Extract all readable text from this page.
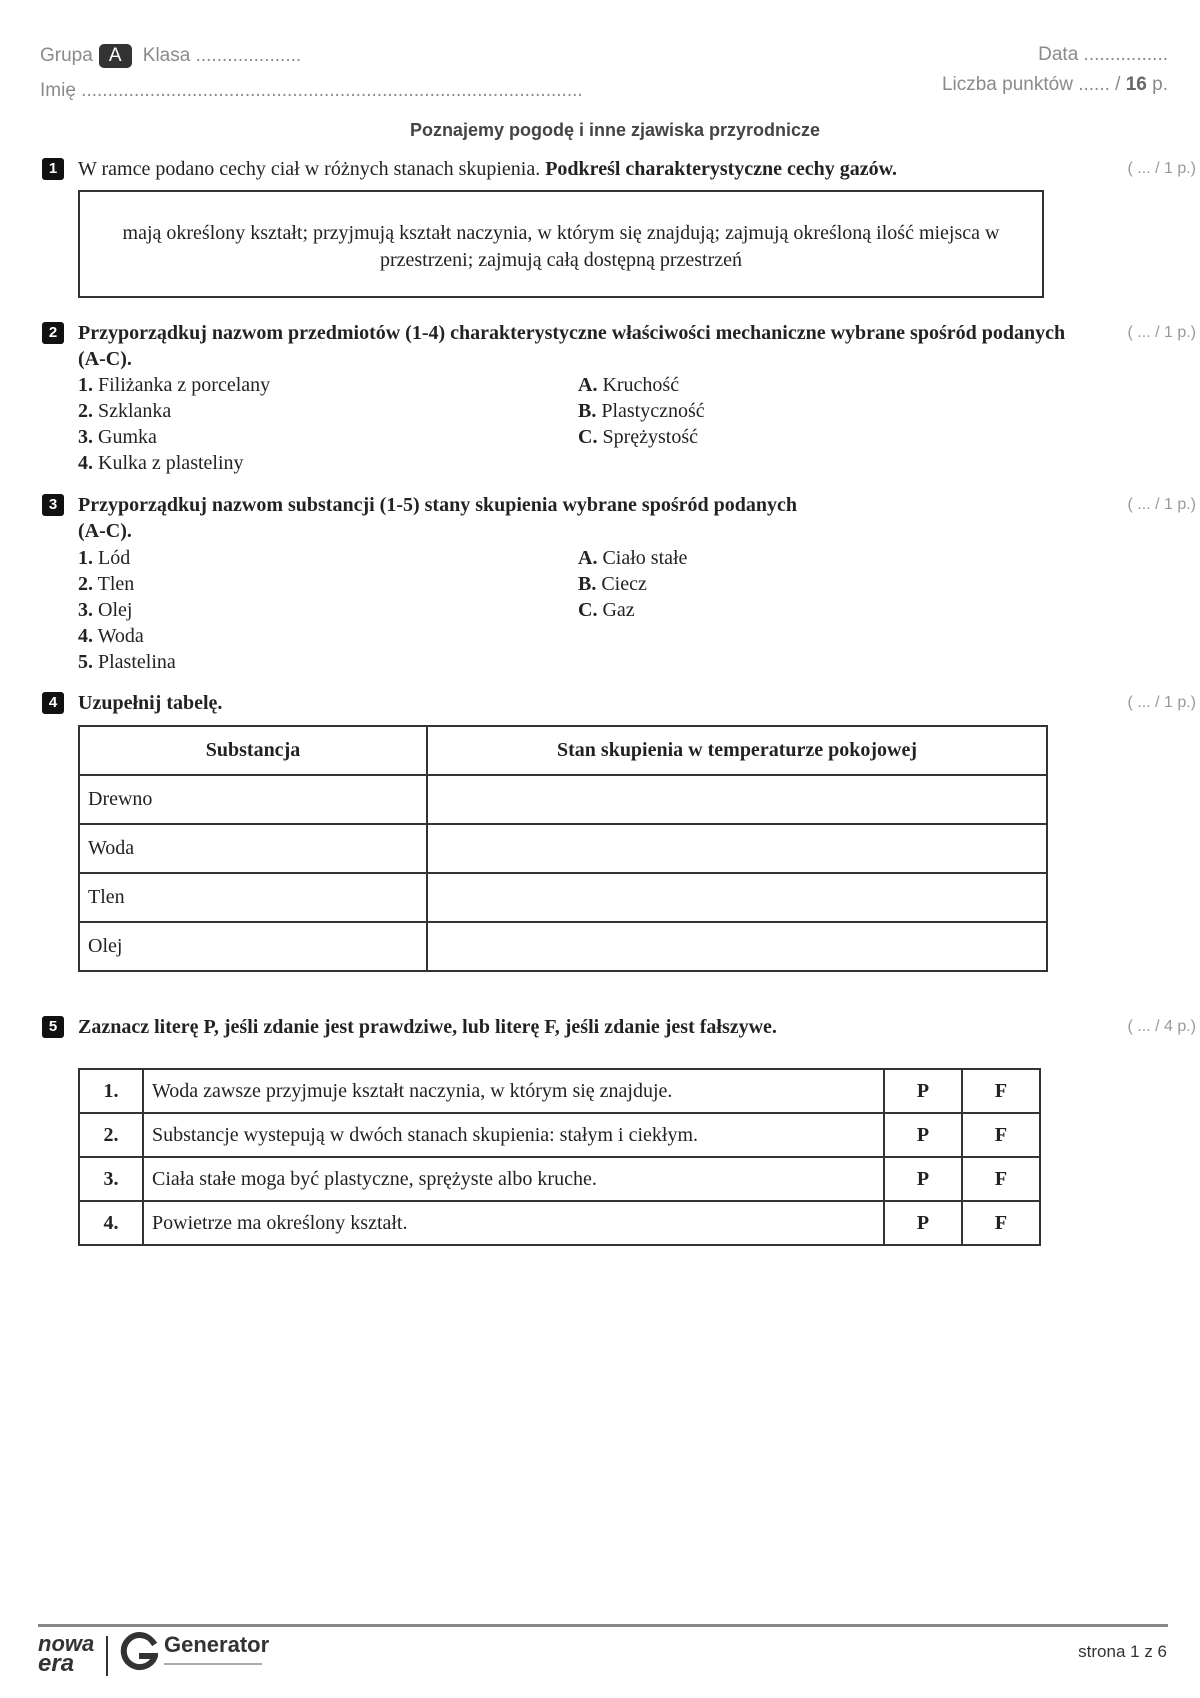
Grupa A Klasa ....................
Imię ...............................................................................................
Data ................
Liczba punktów ...... / 16 p.
Poznajemy pogodę i inne zjawiska przyrodnicze
1	W ramce podano cechy ciał w różnych stanach skupienia. Podkreśl charakterystyczne cechy gazów.	( ... / 1 p.)
mają określony kształt; przyjmują kształt naczynia, w którym się znajdują; zajmują określoną ilość miejsca w przestrzeni; zajmują całą dostępną przestrzeń
2	Przyporządkuj nazwom przedmiotów (1-4) charakterystyczne właściwości mechaniczne wybrane spośród podanych (A-C).
( ... / 1 p.)
1. Filiżanka z porcelany
2. Szklanka
3. Gumka
4. Kulka z plasteliny
A. Kruchość
B. Plastyczność
C. Sprężystość
3	Przyporządkuj nazwom substancji (1-5) stany skupienia wybrane spośród podanych (A-C).
( ... / 1 p.)
1. Lód
2. Tlen
3. Olej
4. Woda
5. Plastelina
A. Ciało stałe
B. Ciecz
C. Gaz
4	Uzupełnij tabelę.	( ... / 1 p.)
Substancja	Stan skupienia w temperaturze pokojowej
Drewno	
Woda	
Tlen	
Olej	
5	Zaznacz literę P, jeśli zdanie jest prawdziwe, lub literę F, jeśli zdanie jest fałszywe.	( ... / 4 p.)
1.	Woda zawsze przyjmuje kształt naczynia, w którym się znajduje.	P	F
2.	Substancje wystepują w dwóch stanach skupienia: stałym i ciekłym.	P	F
3.	Ciała stałe moga być plastyczne, sprężyste albo kruche.	P	F
4.	Powietrze ma określony kształt.	P	F
nowa
era
Generator	strona 1 z 6
